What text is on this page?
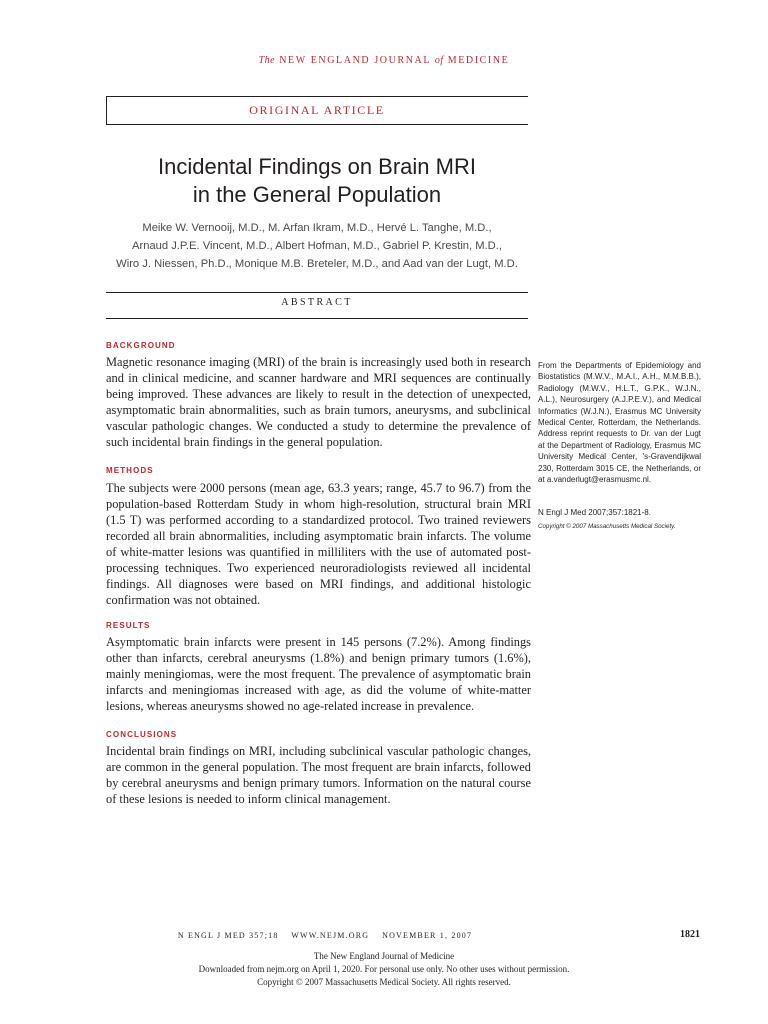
The NEW ENGLAND JOURNAL of MEDICINE
ORIGINAL ARTICLE
Incidental Findings on Brain MRI
in the General Population
Meike W. Vernooij, M.D., M. Arfan Ikram, M.D., Hervé L. Tanghe, M.D.,
Arnaud J.P.E. Vincent, M.D., Albert Hofman, M.D., Gabriel P. Krestin, M.D.,
Wiro J. Niessen, Ph.D., Monique M.B. Breteler, M.D., and Aad van der Lugt, M.D.
ABSTRACT
BACKGROUND
Magnetic resonance imaging (MRI) of the brain is increasingly used both in research and in clinical medicine, and scanner hardware and MRI sequences are continually being improved. These advances are likely to result in the detection of unexpected, asymptomatic brain abnormalities, such as brain tumors, aneurysms, and subclinical vascular pathologic changes. We conducted a study to determine the prevalence of such incidental brain findings in the general population.
METHODS
The subjects were 2000 persons (mean age, 63.3 years; range, 45.7 to 96.7) from the population-based Rotterdam Study in whom high-resolution, structural brain MRI (1.5 T) was performed according to a standardized protocol. Two trained reviewers recorded all brain abnormalities, including asymptomatic brain infarcts. The volume of white-matter lesions was quantified in milliliters with the use of automated post-processing techniques. Two experienced neuroradiologists reviewed all incidental findings. All diagnoses were based on MRI findings, and additional histologic confirmation was not obtained.
RESULTS
Asymptomatic brain infarcts were present in 145 persons (7.2%). Among findings other than infarcts, cerebral aneurysms (1.8%) and benign primary tumors (1.6%), mainly meningiomas, were the most frequent. The prevalence of asymptomatic brain infarcts and meningiomas increased with age, as did the volume of white-matter lesions, whereas aneurysms showed no age-related increase in prevalence.
CONCLUSIONS
Incidental brain findings on MRI, including subclinical vascular pathologic changes, are common in the general population. The most frequent are brain infarcts, followed by cerebral aneurysms and benign primary tumors. Information on the natural course of these lesions is needed to inform clinical management.
From the Departments of Epidemiology and Biostatistics (M.W.V., M.A.I., A.H., M.M.B.B.), Radiology (M.W.V., H.L.T., G.P.K., W.J.N., A.L.), Neurosurgery (A.J.P.E.V.), and Medical Informatics (W.J.N.), Erasmus MC University Medical Center, Rotterdam, the Netherlands. Address reprint requests to Dr. van der Lugt at the Department of Radiology, Erasmus MC University Medical Center, 's-Gravendijkwal 230, Rotterdam 3015 CE, the Netherlands, or at a.vanderlugt@erasmusmc.nl.
N Engl J Med 2007;357:1821-8.
Copyright © 2007 Massachusetts Medical Society.
N ENGL J MED 357;18    WWW.NEJM.ORG    NOVEMBER 1, 2007	1821
The New England Journal of Medicine
Downloaded from nejm.org on April 1, 2020. For personal use only. No other uses without permission.
Copyright © 2007 Massachusetts Medical Society. All rights reserved.
